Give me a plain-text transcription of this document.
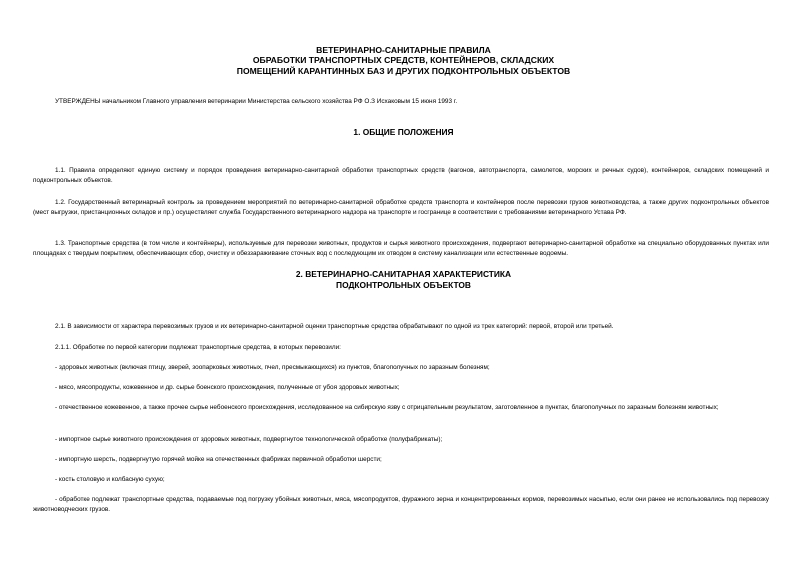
ВЕТЕРИНАРНО-САНИТАРНЫЕ ПРАВИЛА
ОБРАБОТКИ ТРАНСПОРТНЫХ СРЕДСТВ, КОНТЕЙНЕРОВ, СКЛАДСКИХ
ПОМЕЩЕНИЙ КАРАНТИННЫХ БАЗ И ДРУГИХ ПОДКОНТРОЛЬНЫХ ОБЪЕКТОВ
УТВЕРЖДЕНЫ начальником Главного управления ветеринарии Министерства сельского хозяйства РФ О.З Исхаковым 15 июня 1993 г.
1. ОБЩИЕ ПОЛОЖЕНИЯ
1.1. Правила определяют единую систему и порядок проведения ветеринарно-санитарной обработки транспортных средств (вагонов, автотранспорта, самолетов, морских и речных судов), контейнеров, складских помещений и подконтрольных объектов.
1.2. Государственный ветеринарный контроль за проведением мероприятий по ветеринарно-санитарной обработке средств транспорта и контейнеров после перевозки грузов животноводства, а также других подконтрольных объектов (мест выгрузки, пристанционных складов и пр.) осуществляет служба Государственного ветеринарного надзора на транспорте и госгранице в соответствии с требованиями ветеринарного Устава РФ.
1.3. Транспортные средства (в том числе и контейнеры), используемые для перевозки животных, продуктов и сырья животного происхождения, подвергают ветеринарно-санитарной обработке на специально оборудованных пунктах или площадках с твердым покрытием, обеспечивающих сбор, очистку и обеззараживание сточных вод с последующим их отводом в систему канализации или естественные водоемы.
2. ВЕТЕРИНАРНО-САНИТАРНАЯ ХАРАКТЕРИСТИКА
ПОДКОНТРОЛЬНЫХ ОБЪЕКТОВ
2.1. В зависимости от характера перевозимых грузов и их ветеринарно-санитарной оценки транспортные средства обрабатывают по одной из трех категорий: первой, второй или третьей.
2.1.1. Обработке по первой категории подлежат транспортные средства, в которых перевозили:
- здоровых животных (включая птицу, зверей, зоопарковых животных, пчел, пресмыкающихся) из пунктов, благополучных по заразным болезням;
- мясо, мясопродукты, кожевенное и др. сырье боенского происхождения, полученные от убоя здоровых животных;
- отечественное кожевенное, а также прочее сырье небоенского происхождения, исследованное на сибирскую язву с отрицательным результатом, заготовленное в пунктах, благополучных по заразным болезням животных;
- импортное сырье животного происхождения от здоровых животных, подвергнутое технологической обработке (полуфабрикаты);
- импортную шерсть, подвергнутую горячей мойке на отечественных фабриках первичной обработки шерсти;
- кость столовую и колбасную сухую;
- обработке подлежат транспортные средства, подаваемые под погрузку убойных животных, мяса, мясопродуктов, фуражного зерна и концентрированных кормов, перевозимых насыпью, если они ранее не использовались под перевозку животноводческих грузов.
